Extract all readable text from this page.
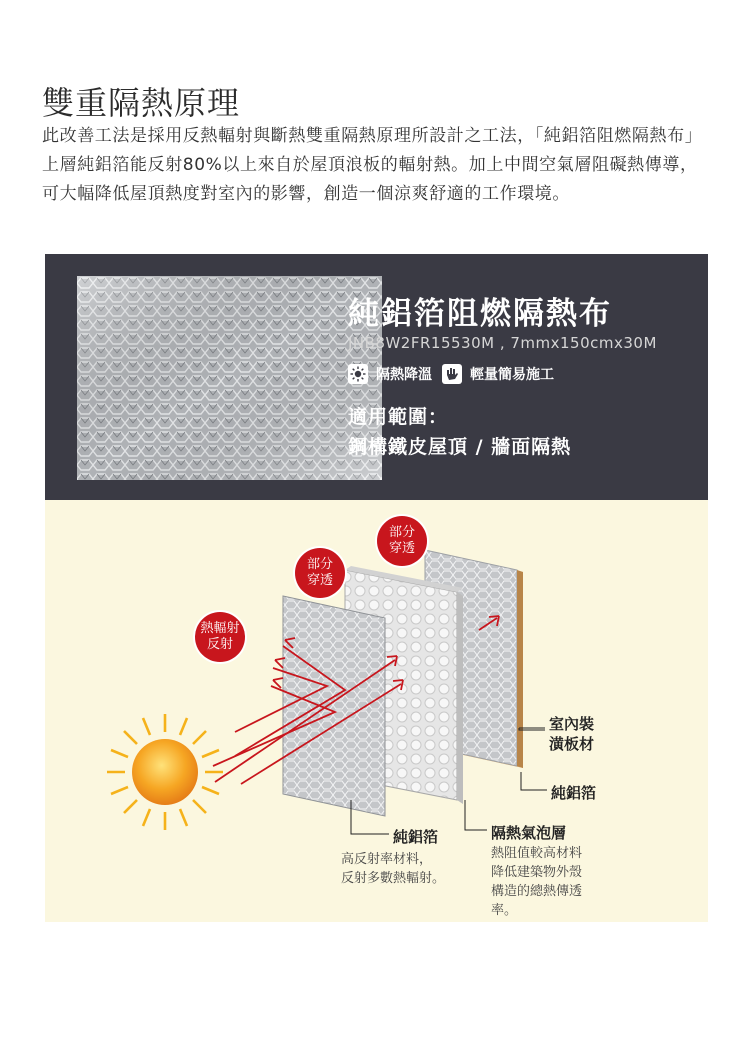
雙重隔熱原理
此改善工法是採用反熱輻射與斷熱雙重隔熱原理所設計之工法，「純鋁箔阻燃隔熱布」上層純鋁箔能反射80%以上來自於屋頂浪板的輻射熱。加上中間空氣層阻礙熱傳導，可大幅降低屋頂熱度對室內的影響，創造一個涼爽舒適的工作環境。
純鋁箔阻燃隔熱布
JNB8W2FR15530M , 7mmx150cmx30M
隔熱降溫	輕量簡易施工
適用範圍：
鋼構鐵皮屋頂 / 牆面隔熱
熱輻射
反射
部分
穿透
部分
穿透
室內裝
潢板材
純鋁箔
隔熱氣泡層
熱阻值較高材料
降低建築物外殼
構造的總熱傳透
率。
純鋁箔
高反射率材料，
反射多數熱輻射。
